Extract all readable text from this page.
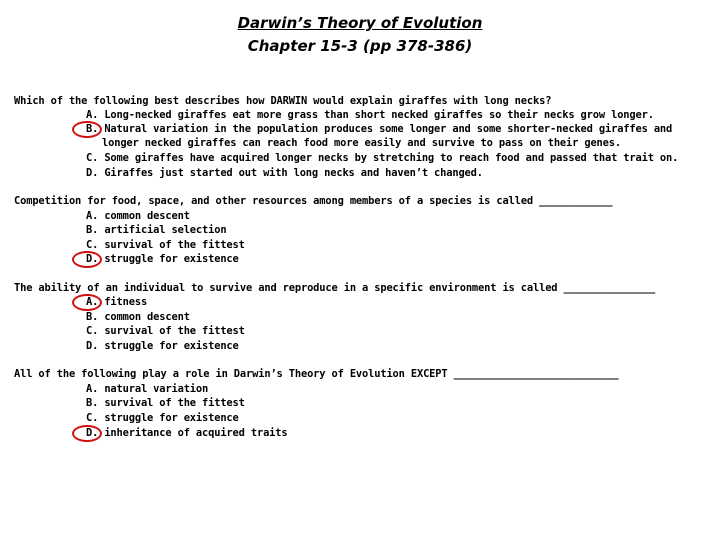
Darwin’s Theory of Evolution
Chapter 15-3 (pp 378-386)
Which of the following best describes how DARWIN would explain giraffes with long necks?
A. Long-necked giraffes eat more grass than short necked giraffes so their necks grow longer.
B. Natural variation in the population produces some longer and some shorter-necked giraffes and
longer necked giraffes can reach food more easily and survive to pass on their genes.
C. Some giraffes have acquired longer necks by stretching to reach food and passed that trait on.
D. Giraffes just started out with long necks and haven’t changed.
Competition for food, space, and other resources among members of a species is called ____________
A. common descent
B. artificial selection
C. survival of the fittest
D. struggle for existence
The ability of an individual to survive and reproduce in a specific environment is called _______________
A. fitness
B. common descent
C. survival of the fittest
D. struggle for existence
All of the following play a role in Darwin’s Theory of Evolution EXCEPT ___________________________
A. natural variation
B. survival of the fittest
C. struggle for existence
D. inheritance of acquired traits
